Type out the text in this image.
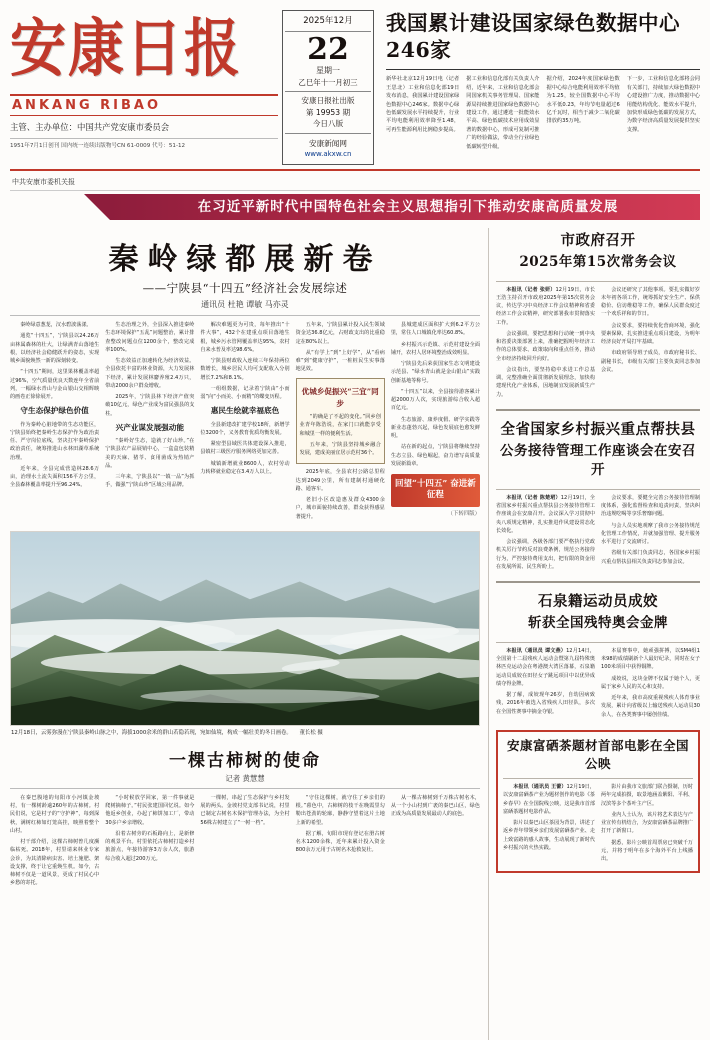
安康日报
ANKANG RIBAO
主管、主办单位：中国共产党安康市委员会
1951年7月1日创刊 国内统一连续出版物号CN 61-0009 代号：51-12
2025年12月
22
星期一
乙巳年十一月初三
安康日报社出版
第 19953 期
今日八版
安康新闻网
www.akxw.cn
我国累计建设国家绿色数据中心246家
新华社北京12月19日电（记者王思北）工业和信息化部19日发布消息，我国累计建设国家绿色数据中心246家。数据中心绿色低碳发展水平持续提升，行业平均电能利用效率降至1.48，可再生能源利用比例稳步提高。
据工业和信息化部有关负责人介绍，近年来，工业和信息化部会同国家机关事务管理局、国家能源局持续推进国家绿色数据中心建设工作，通过遴选一批能效水平高、绿色低碳技术应用成效显著的数据中心，形成可复制可推广的经验做法，带动全行业绿色低碳转型升级。
据介绍，2024年度国家绿色数据中心综合电能利用效率平均值为1.25，较全国数据中心平均水平低0.23，年均节电量超过6亿千瓦时，相当于减少二氧化碳排放约35万吨。
下一步，工业和信息化部将会同有关部门，持续加大绿色数据中心建设推广力度，推动数据中心用能结构优化、能效水平提升，加快形成绿色低碳的发展方式，为数字经济高质量发展提供坚实支撑。
中共安康市委机关报
在习近平新时代中国特色社会主义思想指引下推动安康高质量发展
秦岭绿都展新卷
——宁陕县“十四五”经济社会发展综述
通讯员 杜艳 谭敏 马亦灵

秦岭绿意葱茏，汉水碧波荡漾。

通览“十四五”，宁陕县以24.26万亩林属森林的壮大，让绿满青山落地生根，以经济社会稳健跃升的姿态，实现城乡面貌焕然一新的深刻转变。

“十四五”期间，这里果林覆盖率超过96%，空气质量优良天数连年全省前列，一幅绿水青山与金山银山交相辉映的画卷正徐徐展开。

守生态保护绿色价值

作为秦岭心脏地带的生态功能区，宁陕县始终把秦岭生态保护作为政治责任、严守岗位底线，坚决扛牢秦岭保护政治责任，统筹推进山水林田湖草系统治理。

近年来，全县完成营造林28.6万亩，治理水土流失面积156平方公里，全县森林覆盖率提升至96.24%。

生态治理之外，全县深入推进秦岭生态环境保护“五乱”问题整治，累计排查整改问题点位1200余个，整改完成率100%。

生态效益正加速转化为经济效益。全县依托丰富的林业资源，大力发展林下经济，累计发展林麝养殖2.4万只，带动2000余户群众增收。

2025年，宁陕县林下经济产值突破10亿元，绿色产业成为富民强县的支柱。

兴产业谋发展强动能

“秦岭好生态，造就了好山珍。”在宁陕县农产品展销中心，一盒盒包装精美的天麻、猪苓、食用菌成为热销产品。

三年来，宁陕县以“一镇一品”为抓手，做强“宁陕山珍”区域公用品牌。

解决难题更为可贵，每年推出“十件大事”，432个在建重点项目落地生根，城乡污水管网覆盖率达95%，农村自来水普及率达98.6%。

宁陕县财政收入连续三年保持两位数增长，城乡居民人均可支配收入分别增长7.2%和8.1%。

一组组数据，记录着宁陕由“小而弱”向“小而美、小而精”的蝶变历程。

惠民生绘就幸福底色

全县新建改扩建学校18所，新增学位3200个，义务教育优质均衡发展。

紧密型县域医共体建设深入推进，县镇村三级医疗服务网络更加完善。

城镇新增就业8600人，农村劳动力转移就业稳定在3.4万人以上。

五年来，宁陕县累计投入民生领域资金达36.8亿元，占财政支出的比重稳定在80%以上。

从“有学上”到“上好学”，从“看病难”到“健康守护”，一桩桩民生实事落地见效。

优城乡促振兴“三宜”同步

“的确是了不起的变化。”回乡创业青年陈浩说，在家门口就能享受和城里一样的便利生活。

五年来，宁陕县坚持城乡融合发展，建成美丽宜居示范村36个。

2025年底，全县农村公路总里程达到2049公里，所有建制村通硬化路、通客车。

老旧小区改造惠及群众4300余户，城市面貌持续改善，群众获得感显著提升。

县城建成区面积扩大到6.2平方公里，常住人口城镇化率达60.8%。

乡村振兴示范镇、示范村建设全面铺开，农村人居环境整治成效明显。

宁陕县先后荣获国家生态文明建设示范县、“绿水青山就是金山银山”实践创新基地等称号。

“十四五”以来，全县接待游客累计超2000万人次，实现旅游综合收入超百亿元。

生态旅游、康养度假、研学实践等新业态蓬勃兴起，绿色发展底色愈发鲜明。

站在新的起点，宁陕县将继续坚持生态立县、绿色崛起，奋力谱写高质量发展新篇章。

回望“十四五” 奋进新征程
（下转四版）
12月18日，云雾弥漫在宁陕县秦岭山脉之中，海拔1000余米的群山若隐若现，宛如仙境，构成一幅壮美的冬日画卷。 董长松 摄
一棵古柿树的使命
记者 黄慧慧

在秦巴腹地的旬阳市小河镇金坡村，有一棵树龄逾260年的古柿树。村民们说，它是村子的“守护神”，每到深秋，满树红柿如灯笼高挂，映照着整个山村。

村干部介绍，这棵古柿树曾几度濒临枯死。2018年，村里请来林业专家会诊，为其清除病虫害、培土施肥、架设支撑，终于让它重焕生机。如今，古柿树不仅是一道风景，更成了村民心中乡愁的寄托。

“小时候放学回家，第一件事就是爬树摘柿子。”村民张建国回忆说。如今他返乡创业，办起了柿饼加工厂，带动30多户乡亲增收。

沿着古树旁的石板路向上，是新修的观景平台。村里依托古柿树打造乡村旅游点，年接待游客3万余人次，旅游综合收入超过200万元。

一棵树，串起了生态保护与乡村发展的两头。金坡村党支部书记说，村里已制定古树名木保护管理办法，为全村56株古树建立了“一树一档”。

“守住这棵树，就守住了乡亲们的根。”暮色中，古柿树的枝干在晚霞里勾勒出苍劲的轮廓，静静守望着这片土地上新的希望。

据了解，旬阳市现有登记在册古树名木1200余株，近年来累计投入资金800余万元用于古树名木抢救复壮。

从一棵古柿树到千万株古树名木，从一个小山村到广袤的秦巴山区，绿色正成为高质量发展最动人的底色。

市政府召开
2025年第15次常务会议

本报讯（记者 张妍）12月19日，市长王浩主持召开市政府2025年第15次常务会议，传达学习中央经济工作会议精神和省委经济工作会议精神，研究部署我市贯彻落实工作。

会议强调，要把思想和行动统一到中央和省委决策部署上来，准确把握明年经济工作的总体要求、政策取向和重点任务，推动全市经济持续回升向好。

会议指出，要坚持稳中求进工作总基调，完整准确全面贯彻新发展理念，加快构建现代化产业体系，因地制宜发展新质生产力。

会议还研究了其他事项。要扎实做好岁末年初各项工作，统筹抓好安全生产、保供稳价、信访维稳等工作，确保人民群众度过一个欢乐祥和的节日。

会议要求，要持续优化营商环境，强化要素保障，扎实推进重点项目建设，为明年经济良好开局打牢基础。

市政府领导班子成员，市政府秘书长、副秘书长，市级有关部门主要负责同志参加会议。

全省国家乡村振兴重点帮扶县
公务接待管理工作座谈会在安召开

本报讯（记者 陈楚珺）12月19日，全省国家乡村振兴重点帮扶县公务接待管理工作座谈会在安康召开。会议深入学习贯彻中央八项规定精神，扎实推进作风建设常态化长效化。

会议强调，各级各部门要严格执行党政机关厉行节约反对浪费条例，规范公务接待行为，严控接待费用支出，把有限的资金用在发展所需、民生所盼上。

会议要求，要健全完善公务接待管理制度体系，强化监督检查和追责问责，坚决纠治违规吃喝等享乐奢靡问题。

与会人员实地观摩了我市公务接待规范化管理工作情况，并就加强管理、提升服务水平进行了交流研讨。

省级有关部门负责同志，各国家乡村振兴重点帮扶县相关负责同志参加会议。

石泉籍运动员成姣
斩获全国残特奥会金牌

本报讯（通讯员 谭文燕）12月14日，全国第十二届残疾人运动会暨第九届特殊奥林匹克运动会在粤港澳大湾区落幕，石泉籍运动员成姣在田径女子跳远项目中以优异成绩夺得金牌。

据了解，成姣现年26岁，自幼因病致残，2016年被选入省残疾人田径队，多次在全国性赛事中摘金夺银。

本届赛事中，她顽强拼搏，以SM4组1米98的成绩刷新个人最好纪录，同时在女子100米项目中获得铜牌。

成姣说，这块金牌不仅属于她个人，更属于家乡人民的关心和支持。

近年来，我市高度重视残疾人体育事业发展，累计向省级以上输送残疾人运动员30余人，在各类赛事中屡创佳绩。

安康富硒茶题材首部电影在全国公映

本报讯（通讯员 王蕾）12月19日，以安康富硒茶产业为题材创作的电影《茶乡春早》在全国院线公映，这是我市首部富硒茶题材电影作品。

影片以秦巴山区茶园为背景，讲述了返乡青年带领乡亲们发展富硒茶产业、走上致富路的感人故事，生动展现了新时代乡村振兴的火热实践。

影片由我市文旅部门联合摄制，历时两年完成拍摄，取景地涵盖紫阳、平利、汉滨等多个茶叶主产区。

业内人士认为，该片将艺术表达与产业宣传有机结合，为安康富硒茶品牌推广打开了新窗口。

据悉，影片公映首周票房已突破千万元，并将于明年在多个海外平台上线播出。
